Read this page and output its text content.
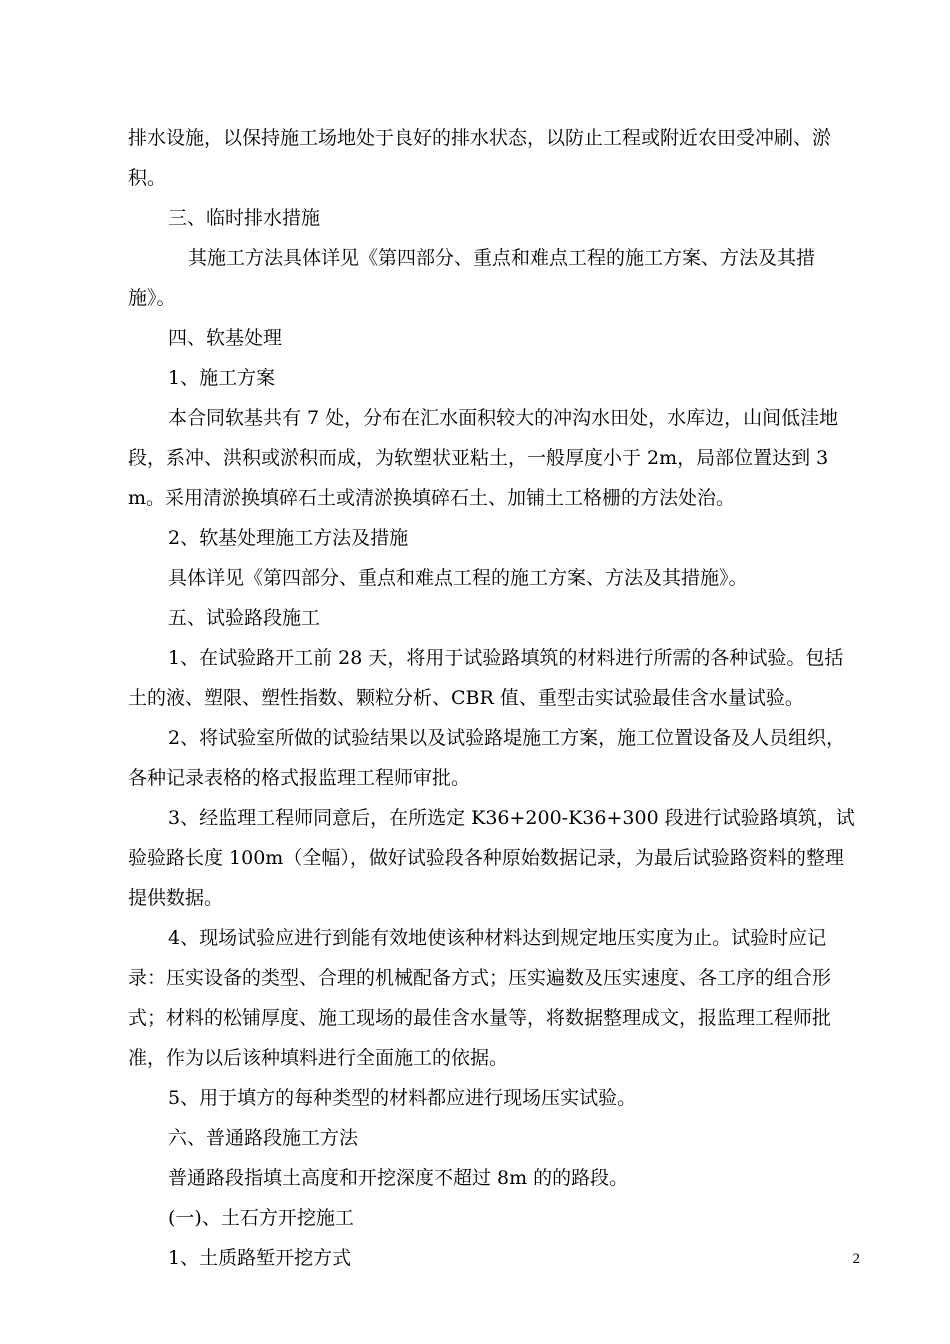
排水设施，以保持施工场地处于良好的排水状态，以防止工程或附近农田受冲刷、淤积。

三、临时排水措施

其施工方法具体详见《第四部分、重点和难点工程的施工方案、方法及其措施》。

四、软基处理

1、施工方案

本合同软基共有 7 处，分布在汇水面积较大的冲沟水田处，水库边，山间低洼地段，系冲、洪积或淤积而成，为软塑状亚粘土，一般厚度小于 2m，局部位置达到 3m。采用清淤换填碎石土或清淤换填碎石土、加铺土工格栅的方法处治。

2、软基处理施工方法及措施

具体详见《第四部分、重点和难点工程的施工方案、方法及其措施》。

五、试验路段施工

1、在试验路开工前 28 天，将用于试验路填筑的材料进行所需的各种试验。包括土的液、塑限、塑性指数、颗粒分析、CBR 值、重型击实试验最佳含水量试验。

2、将试验室所做的试验结果以及试验路堤施工方案，施工位置设备及人员组织，各种记录表格的格式报监理工程师审批。

3、经监理工程师同意后，在所选定 K36+200-K36+300 段进行试验路填筑，试验验路长度 100m（全幅），做好试验段各种原始数据记录，为最后试验路资料的整理提供数据。

4、现场试验应进行到能有效地使该种材料达到规定地压实度为止。试验时应记录：压实设备的类型、合理的机械配备方式；压实遍数及压实速度、各工序的组合形式；材料的松铺厚度、施工现场的最佳含水量等，将数据整理成文，报监理工程师批准，作为以后该种填料进行全面施工的依据。

5、用于填方的每种类型的材料都应进行现场压实试验。

六、普通路段施工方法

普通路段指填土高度和开挖深度不超过 8m 的的路段。

(一)、土石方开挖施工

1、土质路堑开挖方式	2
